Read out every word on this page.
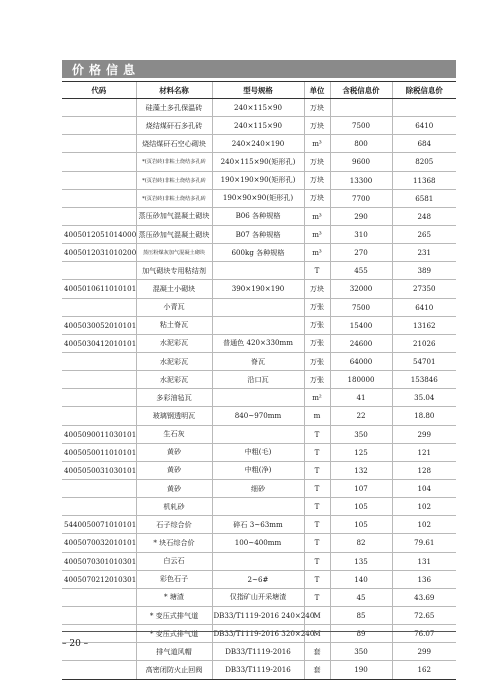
价格信息
代码	材料名称	型号规格	单位	含税信息价	除税信息价
	硅藻土多孔保温砖	240×115×90	万块		
	烧结煤矸石多孔砖	240×115×90	万块	7500	6410
	烧结煤矸石空心砌块	240×240×190	m³	800	684
	*(页岩砖)非粘土烧结多孔砖	240×115×90(矩形孔)	万块	9600	8205
	*(页岩砖)非粘土烧结多孔砖	190×190×90(矩形孔)	万块	13300	11368
	*(页岩砖)非粘土烧结多孔砖	190×90×90(矩形孔)	万块	7700	6581
	蒸压砂加气混凝土砌块	B06 各种规格	m³	290	248
4005012051014000	蒸压砂加气混凝土砌块	B07 各种规格	m³	310	265
4005012031010200	蒸压粉煤灰加气混凝土砌块	600kg 各种规格	m³	270	231
	加气砌块专用粘结剂		T	455	389
4005010611010101	混凝土小砌块	390×190×190	万块	32000	27350
	小青瓦		万张	7500	6410
4005030052010101	粘土脊瓦		万张	15400	13162
4005030412010101	水泥彩瓦	普通色 420×330mm	万张	24600	21026
	水泥彩瓦	脊瓦	万张	64000	54701
	水泥彩瓦	沿口瓦	万张	180000	153846
	多彩油毡瓦		m²	41	35.04
	玻璃钢透明瓦	840~970mm	m	22	18.80
4005090011030101	生石灰		T	350	299
4005050011010101	黄砂	中粗(毛)	T	125	121
4005050031030101	黄砂	中粗(净)	T	132	128
	黄砂	细砂	T	107	104
	机轧砂		T	105	102
5440050071010101	石子综合价	碎石 3~63mm	T	105	102
4005070032010101	* 块石综合价	100~400mm	T	82	79.61
4005070301010301	白云石		T	135	131
4005070212010301	彩色石子	2~6#	T	140	136
	* 塘渣	仅指矿山开采塘渣	T	45	43.69
	* 变压式排气道	DB33/T1119-2016 240×240	M	85	72.65
	* 变压式排气道	DB33/T1119-2016 320×240	M	89	76.07
	排气道风帽	DB33/T1119-2016	套	350	299
	高密闭防火止回阀	DB33/T1119-2016	套	190	162
– 20 –
